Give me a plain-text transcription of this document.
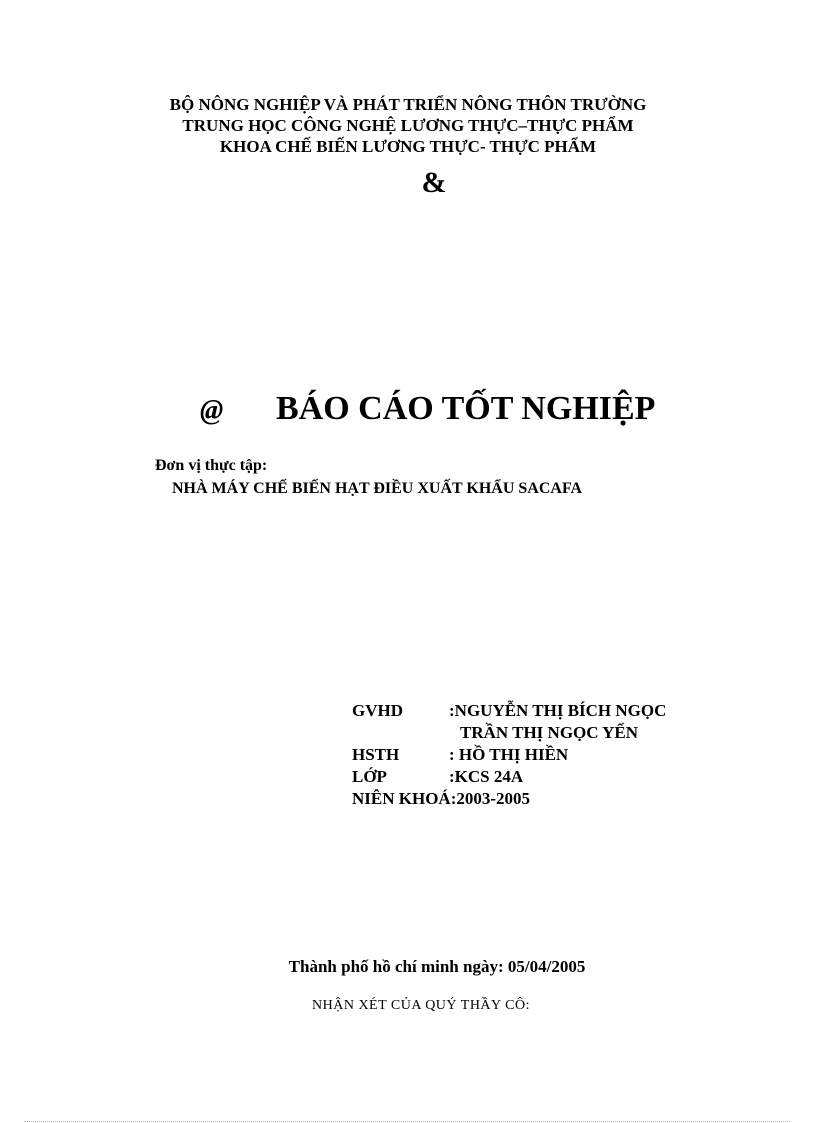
BỘ NÔNG NGHIỆP VÀ PHÁT TRIỂN NÔNG THÔN TRƯỜNG
TRUNG HỌC CÔNG NGHỆ LƯƠNG THỰC–THỰC PHẨM
KHOA CHẾ BIẾN LƯƠNG THỰC- THỰC PHẨM
&
@ BÁO CÁO TỐT NGHIỆP
Đơn vị thực tập:
NHÀ MÁY CHẾ BIẾN HẠT ĐIỀU XUẤT KHẨU SACAFA
GVHD	:NGUYỄN THỊ BÍCH NGỌC
TRẦN THỊ NGỌC YẾN
HSTH	: HỒ THỊ HIỀN
LỚP	:KCS 24A
NIÊN KHOÁ:2003-2005
Thành phố hồ chí minh ngày: 05/04/2005
NHẬN XÉT CỦA QUÝ THẦY CÔ:
